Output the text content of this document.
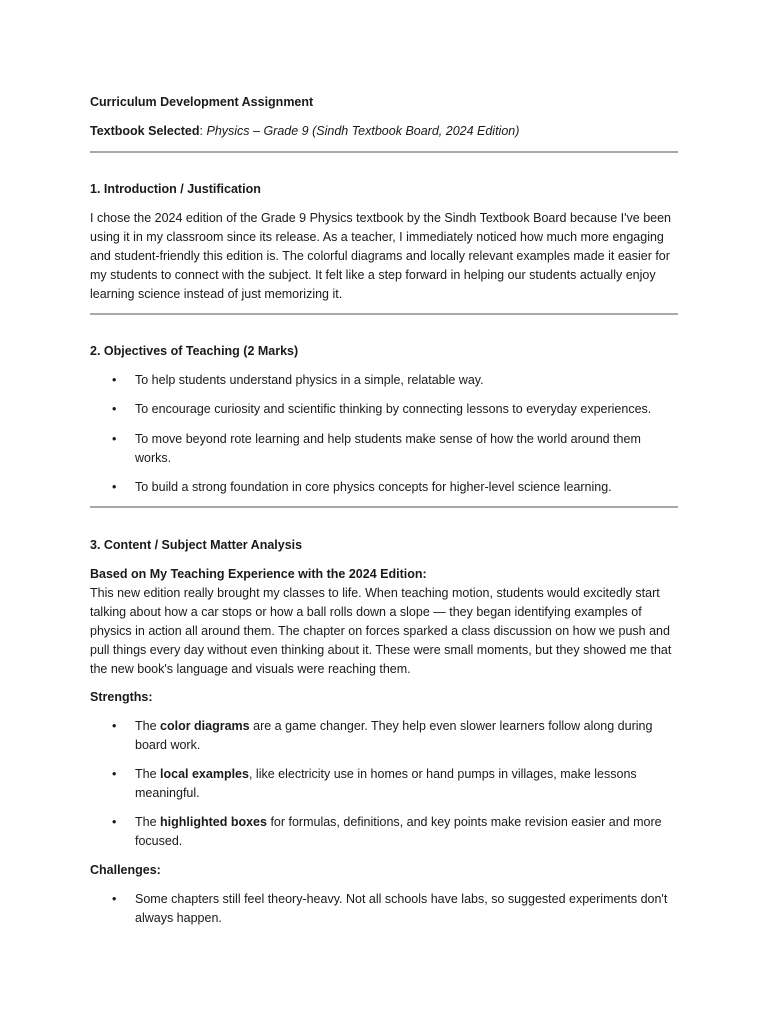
Curriculum Development Assignment
Textbook Selected: Physics – Grade 9 (Sindh Textbook Board, 2024 Edition)
1. Introduction / Justification
I chose the 2024 edition of the Grade 9 Physics textbook by the Sindh Textbook Board because I've been using it in my classroom since its release. As a teacher, I immediately noticed how much more engaging and student-friendly this edition is. The colorful diagrams and locally relevant examples made it easier for my students to connect with the subject. It felt like a step forward in helping our students actually enjoy learning science instead of just memorizing it.
2. Objectives of Teaching (2 Marks)
• To help students understand physics in a simple, relatable way.
• To encourage curiosity and scientific thinking by connecting lessons to everyday experiences.
• To move beyond rote learning and help students make sense of how the world around them works.
• To build a strong foundation in core physics concepts for higher-level science learning.
3. Content / Subject Matter Analysis
Based on My Teaching Experience with the 2024 Edition:
This new edition really brought my classes to life. When teaching motion, students would excitedly start talking about how a car stops or how a ball rolls down a slope — they began identifying examples of physics in action all around them. The chapter on forces sparked a class discussion on how we push and pull things every day without even thinking about it. These were small moments, but they showed me that the new book's language and visuals were reaching them.
Strengths:
• The color diagrams are a game changer. They help even slower learners follow along during board work.
• The local examples, like electricity use in homes or hand pumps in villages, make lessons meaningful.
• The highlighted boxes for formulas, definitions, and key points make revision easier and more focused.
Challenges:
• Some chapters still feel theory-heavy. Not all schools have labs, so suggested experiments don't always happen.
